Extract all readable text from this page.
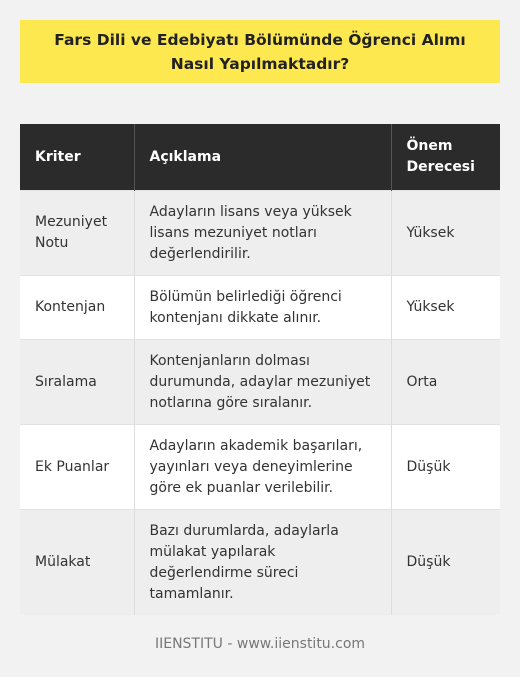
Fars Dili ve Edebiyatı Bölümünde Öğrenci Alımı Nasıl Yapılmaktadır?
Kriter	Açıklama	Önem Derecesi
Mezuniyet Notu	Adayların lisans veya yüksek lisans mezuniyet notları değerlendirilir.	Yüksek
Kontenjan	Bölümün belirlediği öğrenci kontenjanı dikkate alınır.	Yüksek
Sıralama	Kontenjanların dolması durumunda, adaylar mezuniyet notlarına göre sıralanır.	Orta
Ek Puanlar	Adayların akademik başarıları, yayınları veya deneyimlerine göre ek puanlar verilebilir.	Düşük
Mülakat	Bazı durumlarda, adaylarla mülakat yapılarak değerlendirme süreci tamamlanır.	Düşük
IIENSTITU - www.iienstitu.com
